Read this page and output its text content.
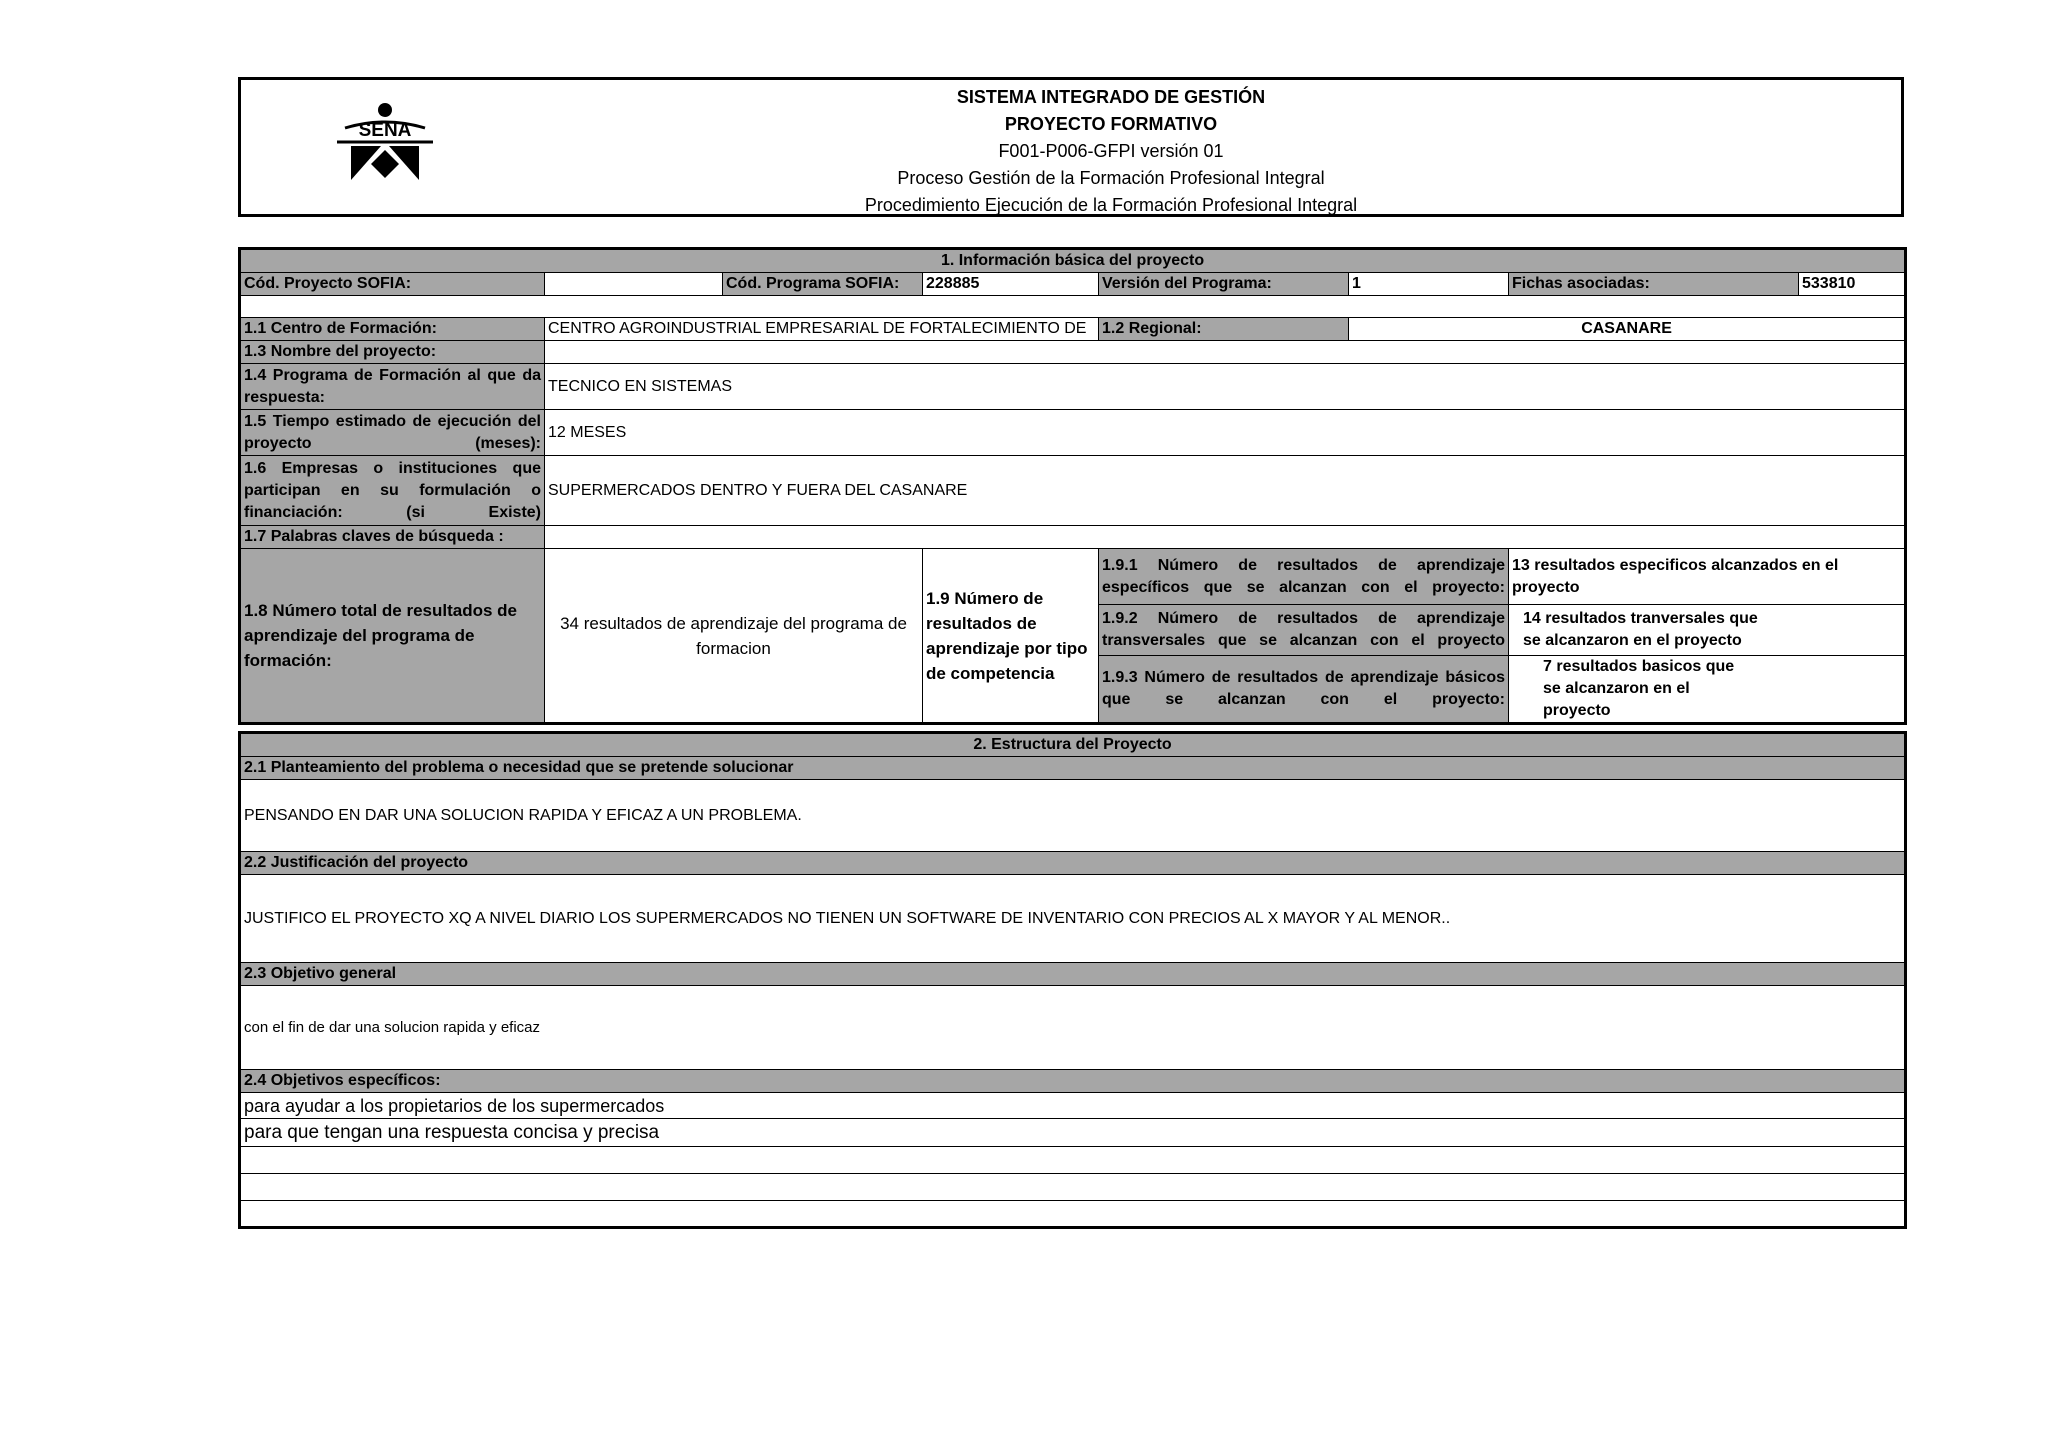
SENA
SISTEMA INTEGRADO DE GESTIÓN
PROYECTO FORMATIVO
F001-P006-GFPI versión 01
Proceso Gestión de la Formación Profesional Integral
Procedimiento Ejecución de la Formación Profesional Integral
1. Información básica del proyecto							
Cód. Proyecto SOFIA:		Cód. Programa SOFIA:	228885	Versión del Programa:	1	Fichas asociadas:	533810

1.1 Centro de Formación:	CENTRO AGROINDUSTRIAL EMPRESARIAL DE FORTALECIMIENTO DE			1.2 Regional:	CASANARE		
1.3 Nombre del proyecto:							
1.4 Programa de Formación al que da respuesta:	TECNICO EN SISTEMAS						
1.5 Tiempo estimado de ejecución del proyecto (meses):	12 MESES						
1.6 Empresas o instituciones que participan en su formulación o financiación: (si Existe)	SUPERMERCADOS DENTRO Y FUERA DEL CASANARE						
1.7 Palabras claves de búsqueda :							
1.8 Número total de resultados de aprendizaje del programa de formación:	34 resultados de aprendizaje del programa de formacion		1.9 Número de resultados de aprendizaje por tipo de competencia	1.9.1 Número de resultados de aprendizaje específicos que se alcanzan con el proyecto:		13 resultados especificos alcanzados en el proyecto	
				1.9.2 Número de resultados de aprendizaje transversales que se alcanzan con el proyecto		14 resultados tranversales que se alcanzaron en el proyecto	
				1.9.3 Número de resultados de aprendizaje básicos que se alcanzan con el proyecto:		7 resultados basicos que se alcanzaron en el proyecto	
2. Estructura del Proyecto
2.1 Planteamiento del problema o necesidad que se pretende solucionar
PENSANDO EN DAR UNA SOLUCION RAPIDA Y EFICAZ A UN PROBLEMA.
2.2 Justificación del proyecto
JUSTIFICO EL PROYECTO XQ A NIVEL DIARIO LOS SUPERMERCADOS NO TIENEN UN SOFTWARE DE INVENTARIO CON PRECIOS AL X MAYOR Y AL MENOR..
2.3 Objetivo general
con el fin de dar una solucion rapida y eficaz
2.4 Objetivos específicos:
para ayudar a los propietarios de los supermercados
para que tengan una respuesta concisa y precisa
